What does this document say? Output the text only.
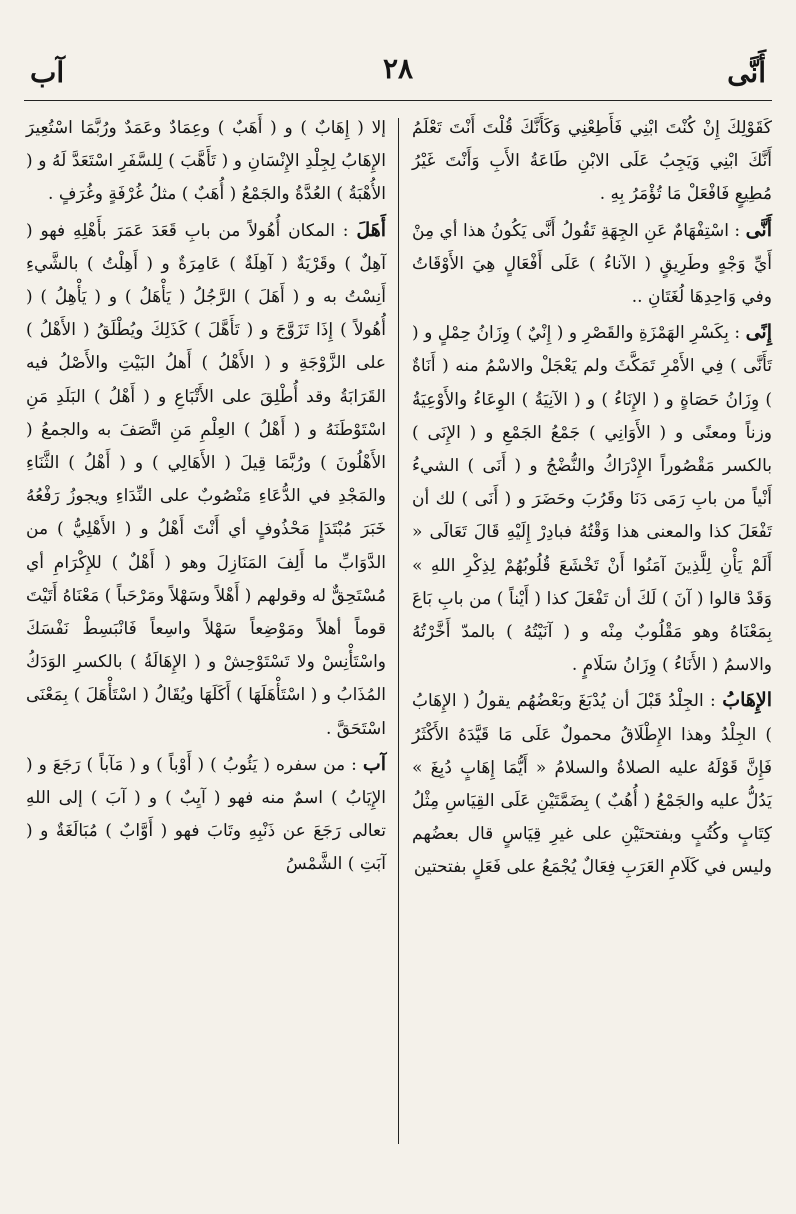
أَنَّى
٢٨
آب

كَقَوْلِكَ إِنْ كُنْتَ ابْنِي فَأَطِعْنِي وَكَأَنَّكَ قُلْتَ أَنْتَ تَعْلَمُ أَنَّكَ ابْنِي وَيَجِبُ عَلَى الابْنِ طَاعَةُ الأَبِ وَأَنْتَ غَيْرُ مُطِيعٍ فَافْعَلْ مَا تُؤْمَرُ بِهِ .

أَنَّى : اسْتِفْهَامٌ عَنِ الجِهَةِ تَقُولُ أَنَّى يَكُونُ هذا أي مِنْ أَيِّ وَجْهٍ وطَرِيقٍ ( الآناءُ ) عَلَى أَفْعَالٍ هِيَ الأَوْقَاتُ وفي وَاحِدِهَا لُغَتَانِ ..

إِنًى : بِكَسْرِ الهَمْزَةِ والقَصْرِ و ( إِنْيٌ ) وِزَانُ حِمْلٍ و ( تَأَنَّى ) فِي الأَمْرِ تَمَكَّثَ ولم يَعْجَلْ والاسْمُ منه ( أَنَاةٌ ) وِزَانُ حَصَاةٍ و ( الإِنَاءُ ) و ( الآنِيَةُ ) الوِعَاءُ والأَوْعِيَةُ وزناً ومعنًى و ( الأَوَانِي ) جَمْعُ الجَمْعِ و ( الإِنَى ) بالكسر مَقْصُوراً الإِدْرَاكُ والنُّضْجُ و ( أَنَى ) الشيءُ أَنْياً من بابِ رَمَى دَنَا وقَرُبَ وحَضَرَ و ( أَنَى ) لك أن تَفْعَلَ كذا والمعنى هذا وَقْتُهُ فبادِرْ إِلَيْهِ قَالَ تَعَالَى « أَلَمْ يَأْنِ لِلَّذِينَ آمَنُوا أَنْ تَخْشَعَ قُلُوبُهُمْ لِذِكْرِ اللهِ » وَقَدْ قالوا ( آنَ ) لَكَ أن تَفْعَلَ كذا ( أَيْناً ) من بابِ بَاعَ بِمَعْنَاهُ وهو مَقْلُوبٌ مِنْه و ( آنَيْتُهُ ) بالمدّ أَخَّرْتُهُ والاسمُ ( الأَنَاءُ ) وِزَانُ سَلَامٍ .

الإِهَابُ : الجِلْدُ قَبْلَ أن يُدْبَغَ وبَعْضُهُم يقولُ ( الإِهَابُ ) الجِلْدُ وهذا الإِطْلَاقُ محمولٌ عَلَى مَا قَيَّدَهُ الأَكْثَرُ فَإِنَّ قَوْلَهُ عليه الصلاةُ والسلامُ « أَيُّمَا إِهَابٍ دُبِغَ » يَدُلُّ عليه والجَمْعُ ( أُهُبٌ ) بِضَمَّتَيْنِ عَلَى القِيَاسِ مِثْلُ كِتَابٍ وكُتُبٍ وبفتحتَيْنِ على غيرِ قِيَاسٍ قال بعضُهم وليس في كَلَامِ العَرَبِ فِعَالٌ يُجْمَعُ على فَعَلٍ بفتحتين

إلا ( إِهَابٌ ) و ( أَهَبٌ ) وعِمَادٌ وعَمَدٌ ورُبَّمَا اسْتُعِيرَ الإِهَابُ لِجِلْدِ الإِنْسَانِ و ( تَأَهَّبَ ) لِلسَّفَرِ اسْتَعَدَّ لَهُ و ( الأُهْبَةُ ) العُدَّةُ والجَمْعُ ( أُهَبٌ ) مثلُ غُرْفَةٍ وغُرَفٍ .

أَهَلَ : المكان أُهُولاً من بابِ قَعَدَ عَمَرَ بأَهْلِهِ فهو ( آهِلٌ ) وقَرْيَةٌ ( آهِلَةٌ ) عَامِرَةٌ و ( أَهِلْتُ ) بالشَّيءِ أَنِسْتُ به و ( أَهَلَ ) الرَّجُلُ ( يَأْهَلُ ) و ( يَأْهِلُ ) ( أُهُولاً ) إِذَا تَزَوَّجَ و ( تَأَهَّلَ ) كَذَلِكَ ويُطْلَقُ ( الأَهْلُ ) على الزَّوْجَةِ و ( الأَهْلُ ) أَهلُ البَيْتِ والأَصْلُ فيه القَرَابَةُ وقد أُطْلِقَ على الأَتْبَاعِ و ( أَهْلُ ) البَلَدِ مَنِ اسْتَوْطَنَهُ و ( أَهْلُ ) العِلْمِ مَنِ اتَّصَفَ به والجمعُ ( الأَهْلُونَ ) ورُبَّمَا قِيلَ ( الأَهَالِي ) و ( أَهْلُ ) الثَّنَاءِ والمَجْدِ في الدُّعَاءِ مَنْصُوبٌ على النِّدَاءِ ويجوزُ رَفْعُهُ خَبَرَ مُبْتَدَإٍ مَحْذُوفٍ أي أَنْتَ أَهْلُ و ( الأَهْلِيُّ ) من الدَّوَابِّ ما أَلِفَ المَنَازِلَ وهو ( أَهْلٌ ) للإِكْرَامِ أي مُسْتَحِقٌّ له وقولهم ( أَهْلاً وسَهْلاً ومَرْحَباً ) مَعْنَاهُ أَتَيْتَ قوماً أهلاً ومَوْضِعاً سَهْلاً واسِعاً فَانْبَسِطْ نَفْسَكَ واسْتَأْنِسْ ولا تَسْتَوْحِشْ و ( الإِهَالَةُ ) بالكسرِ الوَدَكُ المُذَابُ و ( اسْتَأْهَلَهَا ) أَكَلَهَا ويُقَالُ ( اسْتَأْهَلَ ) بِمَعْنَى اسْتَحَقَّ .

آب : من سفره ( يَئُوبُ ) ( أَوْباً ) و ( مَآباً ) رَجَعَ و ( الإِيَابُ ) اسمٌ منه فهو ( آيِبٌ ) و ( آبَ ) إلى اللهِ تعالى رَجَعَ عن ذَنْبِهِ وتَابَ فهو ( أَوَّابٌ ) مُبَالَغَةٌ و ( آبَتِ ) الشَّمْسُ
